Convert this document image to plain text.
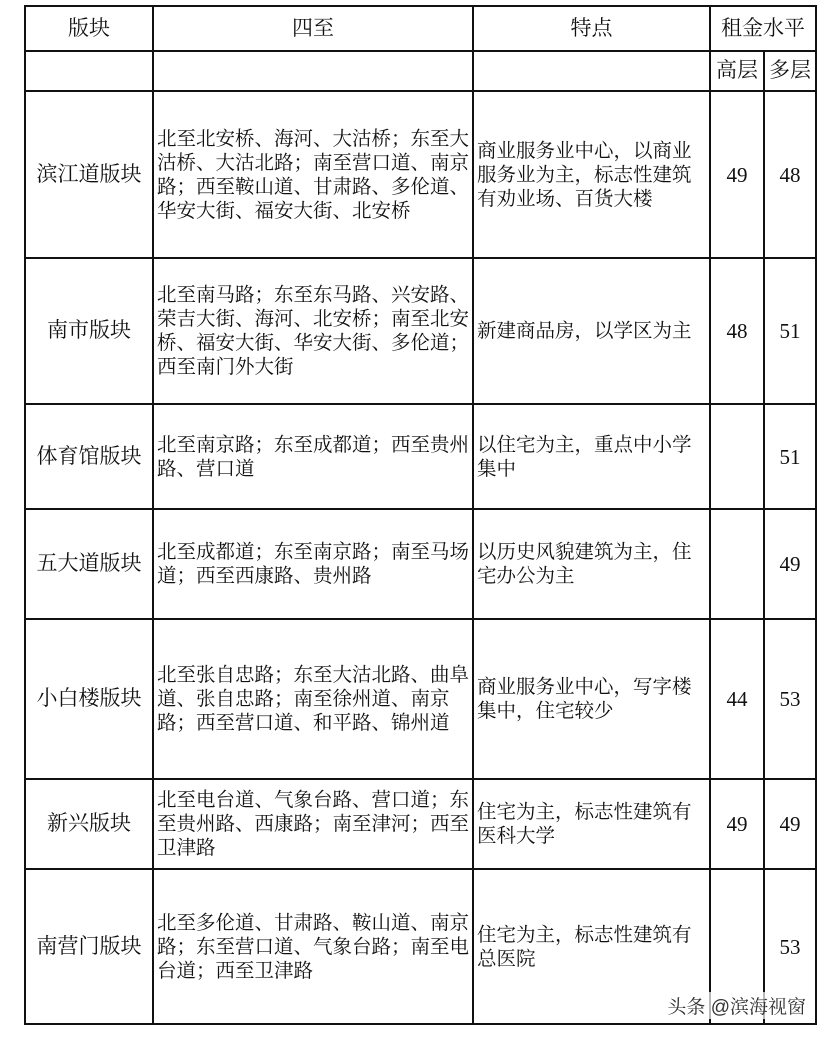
版块	四至	特点	租金水平	
			高层	多层
滨江道版块	北至北安桥、海河、大沽桥；东至大沽桥、大沽北路；南至营口道、南京路；西至鞍山道、甘肃路、多伦道、华安大街、福安大街、北安桥	商业服务业中心，以商业服务业为主，标志性建筑有劝业场、百货大楼	49	48
南市版块	北至南马路；东至东马路、兴安路、荣吉大街、海河、北安桥；南至北安桥、福安大街、华安大街、多伦道；西至南门外大街	新建商品房，以学区为主	48	51
体育馆版块	北至南京路；东至成都道；西至贵州路、营口道	以住宅为主，重点中小学集中		51
五大道版块	北至成都道；东至南京路；南至马场道；西至西康路、贵州路	以历史风貌建筑为主，住宅办公为主		49
小白楼版块	北至张自忠路；东至大沽北路、曲阜道、张自忠路；南至徐州道、南京路；西至营口道、和平路、锦州道	商业服务业中心，写字楼集中，住宅较少	44	53
新兴版块	北至电台道、气象台路、营口道；东至贵州路、西康路；南至津河；西至卫津路	住宅为主，标志性建筑有医科大学	49	49
南营门版块	北至多伦道、甘肃路、鞍山道、南京路；东至营口道、气象台路；南至电台道；西至卫津路	住宅为主，标志性建筑有总医院		53
头条 @滨海视窗
